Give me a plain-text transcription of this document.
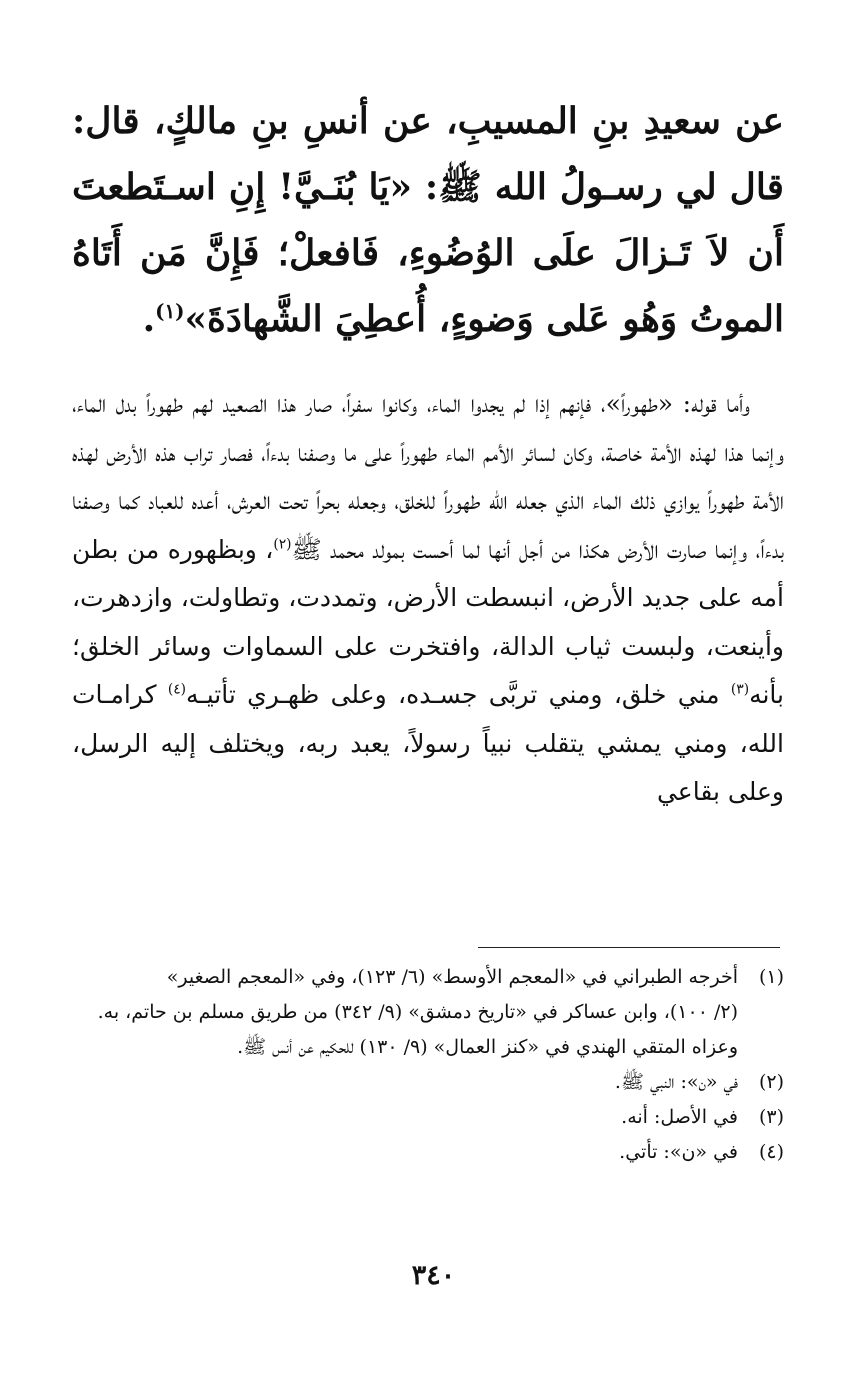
عن سعيدِ بنِ المسيبِ، عن أنسِ بنِ مالكٍ، قال: قال لي رسـولُ الله ﷺ: «يَا بُنَـيَّ! إِنِ اسـتَطعتَ أَن لاَ تَـزالَ علَى الوُضُوءِ، فَافعلْ؛ فَإِنَّ مَن أَتَاهُ الموتُ وَهُو عَلى وَضوءٍ، أُعطِيَ الشَّهادَةَ»$^{(١)}$.

وأما قوله: «طهوراً»، فإنهم إذا لم يجدوا الماء، وكانوا سفراً، صار هذا الصعيد لهم طهوراً بدل الماء، وإنما هذا لهذه الأمة خاصة، وكان لسائر الأمم الماء طهوراً على ما وصفنا بدءاً، فصار تراب هذه الأرض لهذه الأمة طهوراً يوازي ذلك الماء الذي جعله الله طهوراً للخلق، وجعله بحراً تحت العرش، أعده للعباد كما وصفنا بدءاً، وإنما صارت الأرض هكذا من أجل أنها لما أحست بمولد محمد ﷺ$^{(٢)}$، وبظهوره من بطن أمه على جديد الأرض، انبسطت الأرض، وتمددت، وتطاولت، وازدهرت، وأينعت، ولبست ثياب الدالة، وافتخرت على السماوات وسائر الخلق؛ بأنه$^{(٣)}$ مني خلق، ومني تربَّى جسـده، وعلى ظهـري تأتيـه$^{(٤)}$ كرامـات الله، ومني يمشي يتقلب نبياً رسولاً، يعبد ربه، ويختلف إليه الرسل، وعلى بقاعي

(١)
أخرجه الطبراني في «المعجم الأوسط» (٦/ ١٢٣)، وفي «المعجم الصغير»
(٢/ ١٠٠)، وابن عساكر في «تاريخ دمشق» (٩/ ٣٤٢) من طريق مسلم بن حاتم، به.
وعزاه المتقي الهندي في «كنز العمال» (٩/ ١٣٠) للحكيم عن أنس ﷺ.
(٢)
في «ن»: النبي ﷺ.
(٣)
في الأصل: أنه.
(٤)
في «ن»: تأتي.
٣٤٠
